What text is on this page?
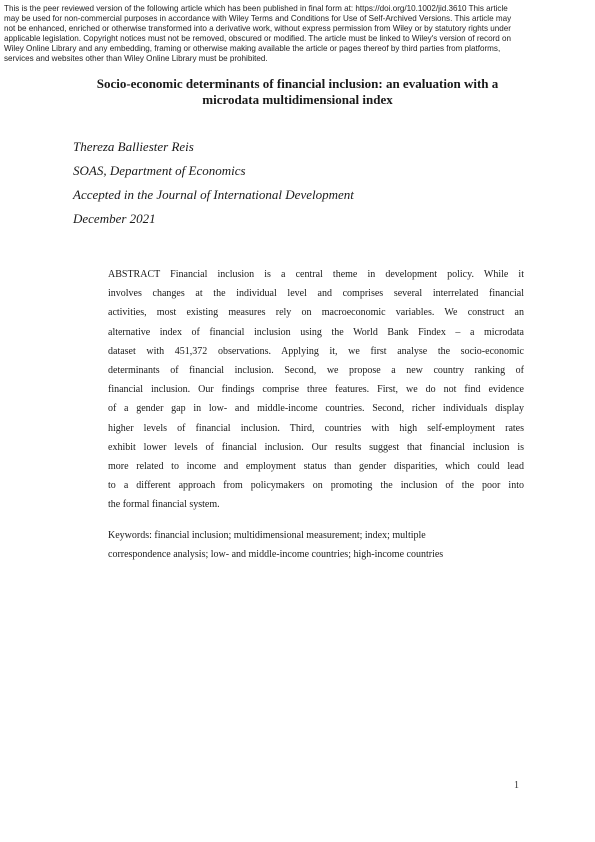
This is the peer reviewed version of the following article which has been published in final form at: https://doi.org/10.1002/jid.3610 This article
may be used for non-commercial purposes in accordance with Wiley Terms and Conditions for Use of Self-Archived Versions. This article may
not be enhanced, enriched or otherwise transformed into a derivative work, without express permission from Wiley or by statutory rights under
applicable legislation. Copyright notices must not be removed, obscured or modified. The article must be linked to Wiley's version of record on
Wiley Online Library and any embedding, framing or otherwise making available the article or pages thereof by third parties from platforms,
services and websites other than Wiley Online Library must be prohibited.
Socio-economic determinants of financial inclusion: an evaluation with a
microdata multidimensional index

Thereza Balliester Reis

SOAS, Department of Economics

Accepted in the Journal of International Development

December 2021

ABSTRACT Financial inclusion is a central theme in development policy. While it
involves changes at the individual level and comprises several interrelated financial
activities, most existing measures rely on macroeconomic variables. We construct an
alternative index of financial inclusion using the World Bank Findex – a microdata
dataset with 451,372 observations. Applying it, we first analyse the socio-economic
determinants of financial inclusion. Second, we propose a new country ranking of
financial inclusion. Our findings comprise three features. First, we do not find evidence
of a gender gap in low- and middle-income countries. Second, richer individuals display
higher levels of financial inclusion. Third, countries with high self-employment rates
exhibit lower levels of financial inclusion. Our results suggest that financial inclusion is
more related to income and employment status than gender disparities, which could lead
to a different approach from policymakers on promoting the inclusion of the poor into
the formal financial system.
Keywords: financial inclusion; multidimensional measurement; index; multiple
correspondence analysis; low- and middle-income countries; high-income countries
1
